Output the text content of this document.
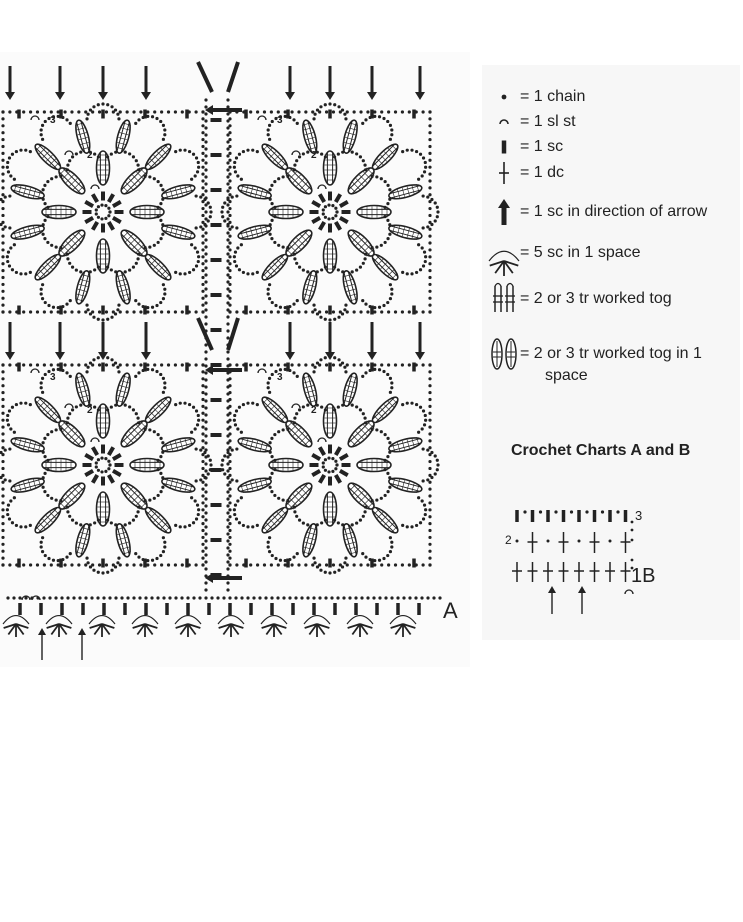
A
1B
2
3
2
3
2
3
2
3
2
3
= 1 chain
= 1 sl st
= 1 sc
= 1 dc
= 1 sc in direction of arrow
= 5 sc in 1 space
= 2 or 3 tr worked tog
= 2 or 3 tr worked tog in 1
space
Crochet Charts A and B
